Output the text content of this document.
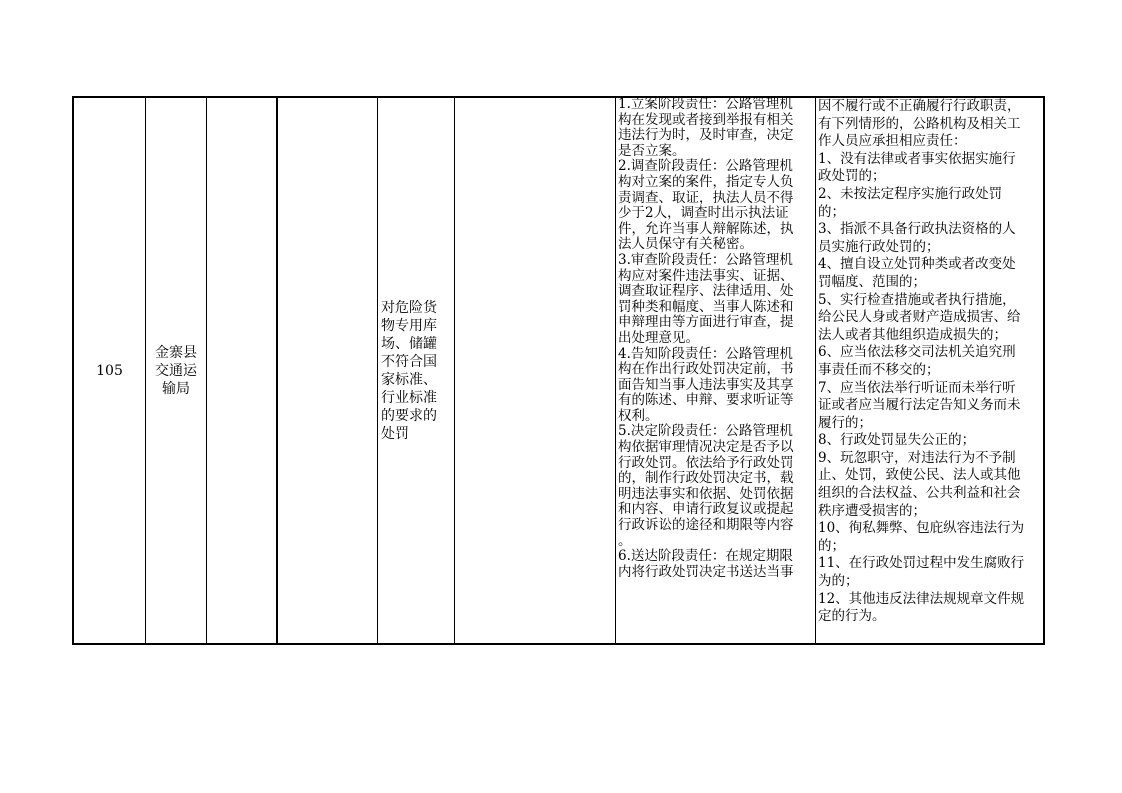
105
金寨县
交通运
输局
对危险货
物专用库
场、储罐
不符合国
家标准、
行业标准
的要求的
处罚

1.立案阶段责任：公路管理机

构在发现或者接到举报有相关

违法行为时，及时审查，决定

是否立案。

2.调查阶段责任：公路管理机

构对立案的案件，指定专人负

责调查、取证，执法人员不得

少于2人，调查时出示执法证

件，允许当事人辩解陈述，执

法人员保守有关秘密。

3.审查阶段责任：公路管理机

构应对案件违法事实、证据、

调查取证程序、法律适用、处

罚种类和幅度、当事人陈述和

申辩理由等方面进行审查，提

出处理意见。

4.告知阶段责任：公路管理机

构在作出行政处罚决定前，书

面告知当事人违法事实及其享

有的陈述、申辩、要求听证等

权利。

5.决定阶段责任：公路管理机

构依据审理情况决定是否予以

行政处罚。依法给予行政处罚

的，制作行政处罚决定书，载

明违法事实和依据、处罚依据

和内容、申请行政复议或提起

行政诉讼的途径和期限等内容

。

6.送达阶段责任：在规定期限

内将行政处罚决定书送达当事

因不履行或不正确履行行政职责，

有下列情形的，公路机构及相关工

作人员应承担相应责任：

1、没有法律或者事实依据实施行

政处罚的；

2、未按法定程序实施行政处罚

的；

3、指派不具备行政执法资格的人

员实施行政处罚的；

4、擅自设立处罚种类或者改变处

罚幅度、范围的；

5、实行检查措施或者执行措施，

给公民人身或者财产造成损害、给

法人或者其他组织造成损失的；

6、应当依法移交司法机关追究刑

事责任而不移交的；

7、应当依法举行听证而未举行听

证或者应当履行法定告知义务而未

履行的；

8、行政处罚显失公正的；

9、玩忽职守，对违法行为不予制

止、处罚，致使公民、法人或其他

组织的合法权益、公共利益和社会

秩序遭受损害的；

10、徇私舞弊、包庇纵容违法行为

的；

11、在行政处罚过程中发生腐败行

为的；

12、其他违反法律法规规章文件规

定的行为。
